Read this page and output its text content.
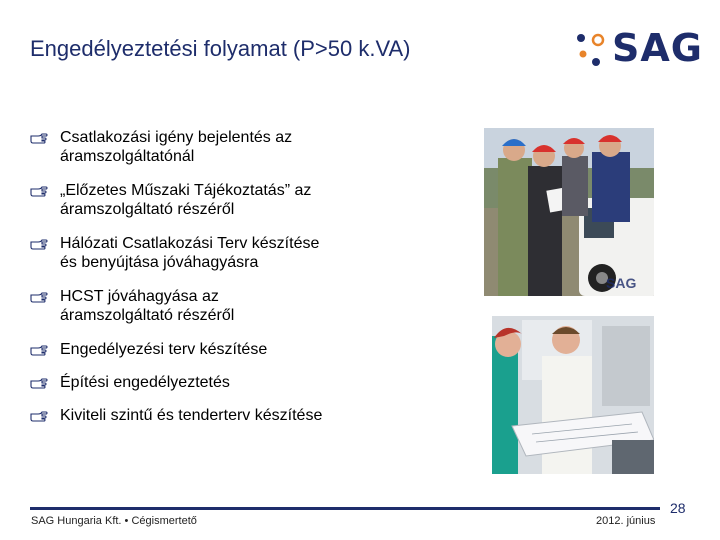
Engedélyeztetési folyamat (P>50 k.VA)	SAG
Csatlakozási igény bejelentés az
áramszolgáltatónál
„Előzetes Műszaki Tájékoztatás” az
áramszolgáltató részéről
Hálózati Csatlakozási Terv készítése
és benyújtása jóváhagyásra
HCST jóváhagyása az
áramszolgáltató részéről
Engedélyezési terv készítése
Építési engedélyeztetés
Kiviteli szintű és tenderterv készítése
SAG
SAG Hungaria Kft. • Cégismertető	2012. június
28
